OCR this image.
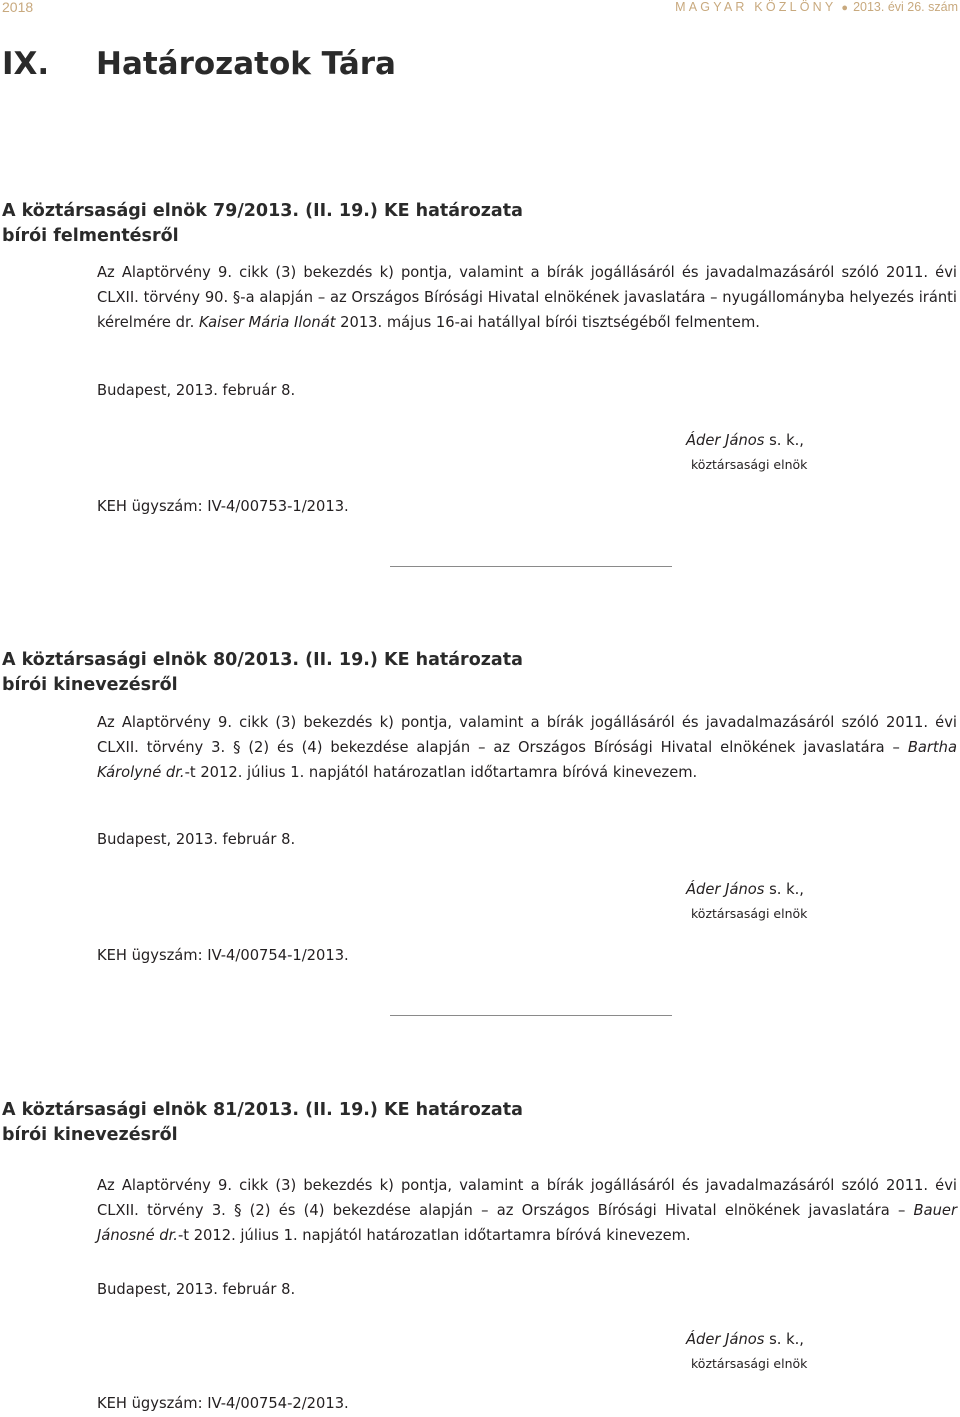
2018	MAGYAR KÖZLÖNY ● 2013. évi 26. szám
IX. Határozatok Tára
A köztársasági elnök 79/2013. (II. 19.) KE határozata
bírói felmentésről
Az Alaptörvény 9. cikk (3) bekezdés k) pontja, valamint a bírák jogállásáról és javadalmazásáról szóló 2011. évi
CLXII. törvény 90. §-a alapján – az Országos Bírósági Hivatal elnökének javaslatára – nyugállományba helyezés iránti
kérelmére dr. Kaiser Mária Ilonát 2013. május 16-ai hatállyal bírói tisztségéből felmentem.
Budapest, 2013. február 8.
Áder János s. k.,
köztársasági elnök
KEH ügyszám: IV-4/00753-1/2013.
A köztársasági elnök 80/2013. (II. 19.) KE határozata
bírói kinevezésről
Az Alaptörvény 9. cikk (3) bekezdés k) pontja, valamint a bírák jogállásáról és javadalmazásáról szóló 2011. évi
CLXII. törvény 3. § (2) és (4) bekezdése alapján – az Országos Bírósági Hivatal elnökének javaslatára – Bartha
Károlyné dr.-t 2012. július 1. napjától határozatlan időtartamra bíróvá kinevezem.
Budapest, 2013. február 8.
Áder János s. k.,
köztársasági elnök
KEH ügyszám: IV-4/00754-1/2013.
A köztársasági elnök 81/2013. (II. 19.) KE határozata
bírói kinevezésről
Az Alaptörvény 9. cikk (3) bekezdés k) pontja, valamint a bírák jogállásáról és javadalmazásáról szóló 2011. évi
CLXII. törvény 3. § (2) és (4) bekezdése alapján – az Országos Bírósági Hivatal elnökének javaslatára – Bauer
Jánosné dr.-t 2012. július 1. napjától határozatlan időtartamra bíróvá kinevezem.
Budapest, 2013. február 8.
Áder János s. k.,
köztársasági elnök
KEH ügyszám: IV-4/00754-2/2013.
